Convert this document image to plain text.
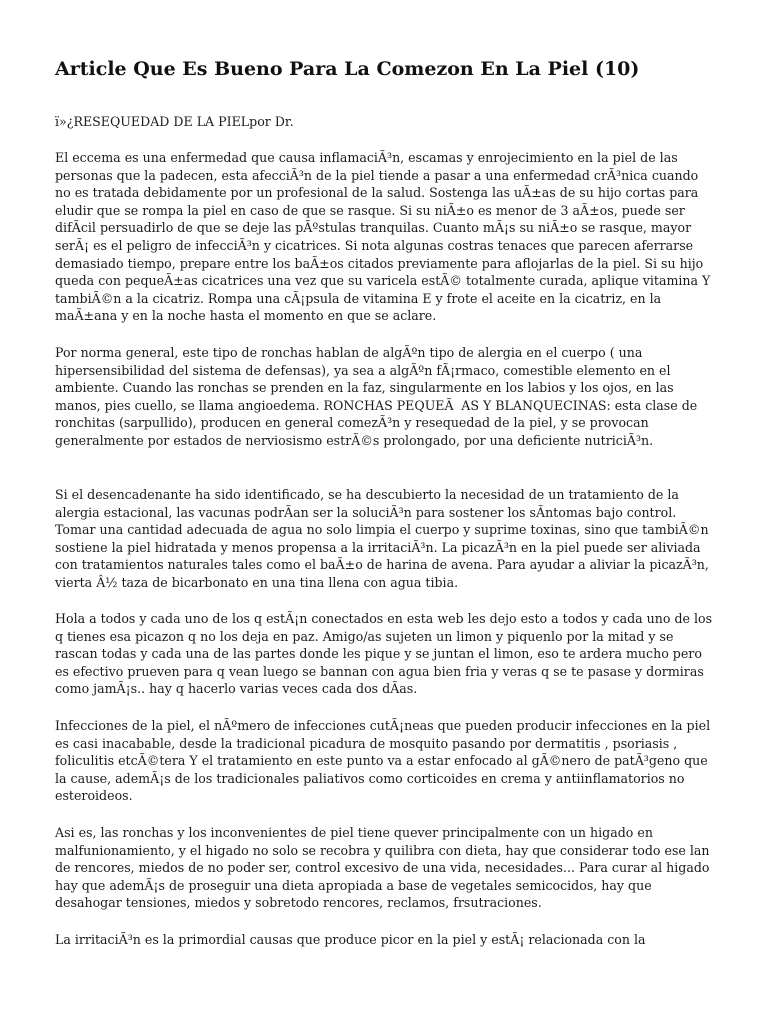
Article Que Es Bueno Para La Comezon En La Piel (10)

ï»¿RESEQUEDAD DE LA PIELpor Dr.

El eccema es una enfermedad que causa inflamaciÃ³n, escamas y enrojecimiento en la piel de las personas que la padecen, esta afecciÃ³n de la piel tiende a pasar a una enfermedad crÃ³nica cuando no es tratada debidamente por un profesional de la salud. Sostenga las uÃ±as de su hijo cortas para eludir que se rompa la piel en caso de que se rasque. Si su niÃ±o es menor de 3 aÃ±os, puede ser difÃcil persuadirlo de que se deje las pÃºstulas tranquilas. Cuanto mÃ¡s su niÃ±o se rasque, mayor serÃ¡ es el peligro de infecciÃ³n y cicatrices. Si nota algunas costras tenaces que parecen aferrarse demasiado tiempo, prepare entre los baÃ±os citados previamente para aflojarlas de la piel. Si su hijo queda con pequeÃ±as cicatrices una vez que su varicela estÃ© totalmente curada, aplique vitamina Y tambiÃ©n a la cicatriz. Rompa una cÃ¡psula de vitamina E y frote el aceite en la cicatriz, en la maÃ±ana y en la noche hasta el momento en que se aclare.

Por norma general, este tipo de ronchas hablan de algÃºn tipo de alergia en el cuerpo ( una hipersensibilidad del sistema de defensas), ya sea a algÃºn fÃ¡rmaco, comestible elemento en el ambiente. Cuando las ronchas se prenden en la faz, singularmente en los labios y los ojos, en las manos, pies cuello, se llama angioedema. RONCHAS PEQUEÃAS Y BLANQUECINAS: esta clase de ronchitas (sarpullido), producen en general comezÃ³n y resequedad de la piel, y se provocan generalmente por estados de nerviosismo estrÃ©s prolongado, por una deficiente nutriciÃ³n.

Si el desencadenante ha sido identificado, se ha descubierto la necesidad de un tratamiento de la alergia estacional, las vacunas podrÃan ser la soluciÃ³n para sostener los sÃntomas bajo control. Tomar una cantidad adecuada de agua no solo limpia el cuerpo y suprime toxinas, sino que tambiÃ©n sostiene la piel hidratada y menos propensa a la irritaciÃ³n. La picazÃ³n en la piel puede ser aliviada con tratamientos naturales tales como el baÃ±o de harina de avena. Para ayudar a aliviar la picazÃ³n, vierta Â½ taza de bicarbonato en una tina llena con agua tibia.

Hola a todos y cada uno de los q estÃ¡n conectados en esta web les dejo esto a todos y cada uno de los q tienes esa picazon q no los deja en paz. Amigo/as sujeten un limon y piquenlo por la mitad y se rascan todas y cada una de las partes donde les pique y se juntan el limon, eso te ardera mucho pero es efectivo prueven para q vean luego se bannan con agua bien fria y veras q se te pasase y dormiras como jamÃ¡s.. hay q hacerlo varias veces cada dos dÃas.

Infecciones de la piel, el nÃºmero de infecciones cutÃ¡neas que pueden producir infecciones en la piel es casi inacabable, desde la tradicional picadura de mosquito pasando por dermatitis , psoriasis , foliculitis etcÃ©tera Y el tratamiento en este punto va a estar enfocado al gÃ©nero de patÃ³geno que la cause, ademÃ¡s de los tradicionales paliativos como corticoides en crema y antiinflamatorios no esteroideos.

Asi es, las ronchas y los inconvenientes de piel tiene quever principalmente con un higado en malfunionamiento, y el higado no solo se recobra y quilibra con dieta, hay que considerar todo ese lan de rencores, miedos de no poder ser, control excesivo de una vida, necesidades... Para curar al higado hay que ademÃ¡s de proseguir una dieta apropiada a base de vegetales semicocidos, hay que desahogar tensiones, miedos y sobretodo rencores, reclamos, frsutraciones.

La irritaciÃ³n es la primordial causas que produce picor en la piel y estÃ¡ relacionada con la
